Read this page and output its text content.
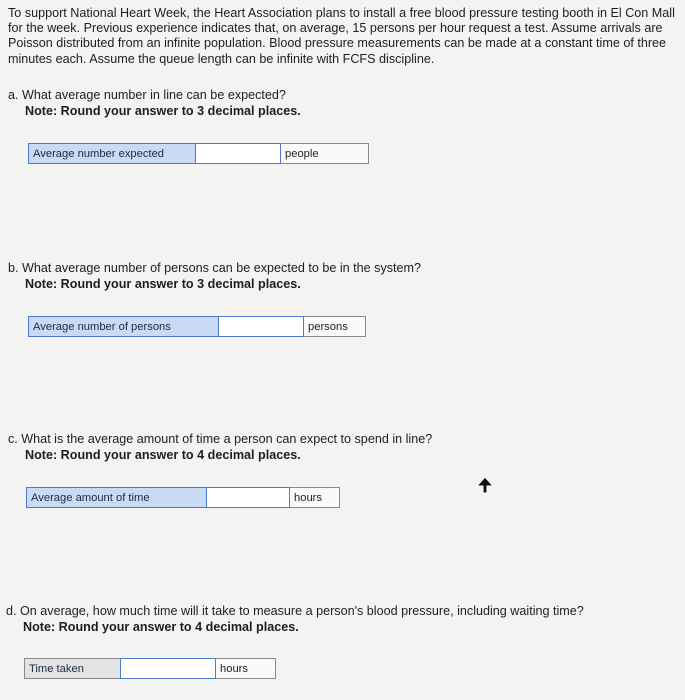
To support National Heart Week, the Heart Association plans to install a free blood pressure testing booth in El Con Mall for the week. Previous experience indicates that, on average, 15 persons per hour request a test. Assume arrivals are Poisson distributed from an infinite population. Blood pressure measurements can be made at a constant time of three minutes each. Assume the queue length can be infinite with FCFS discipline.
a. What average number in line can be expected?
Note: Round your answer to 3 decimal places.
Average number expected	people
b. What average number of persons can be expected to be in the system?
Note: Round your answer to 3 decimal places.
Average number of persons	persons
c. What is the average amount of time a person can expect to spend in line?
Note: Round your answer to 4 decimal places.
Average amount of time	hours
d. On average, how much time will it take to measure a person's blood pressure, including waiting time?
Note: Round your answer to 4 decimal places.
Time taken	hours
